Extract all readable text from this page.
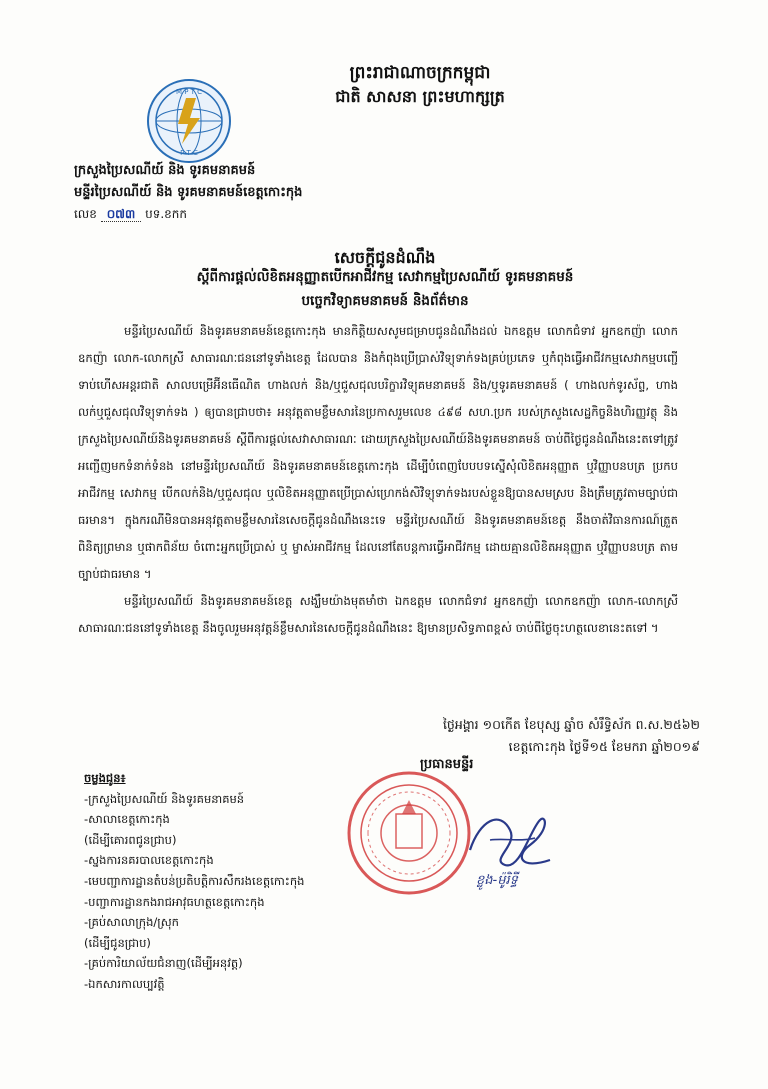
M P T C
P T C
ព្រះរាជាណាចក្រកម្ពុជា
ជាតិ សាសនា ព្រះមហាក្សត្រ
ក្រសួងប្រៃសណីយ៍ និង ទូរគមនាគមន៍
មន្ទីរប្រៃសណីយ៍ និង ទូរគមនាគមន៍ខេត្តកោះកុង
លេខ ០៧៣ បទ.ខកក
សេចក្តីជូនដំណឹង
ស្តីពីការផ្តល់លិខិតអនុញ្ញាតបើកអាជីវកម្ម សេវាកម្មប្រៃសណីយ៍ ទូរគមនាគមន៍
បច្ចេកវិទ្យាគមនាគមន៍ និងព័ត៌មាន

មន្ទីរប្រៃសណីយ៍ និងទូរគមនាគមន៍ខេត្តកោះកុង មានកិត្តិយសសូមជម្រាបជូនដំណឹងដល់ ឯកឧត្តម លោកជំទាវ អ្នកឧកញ៉ា លោកឧកញ៉ា លោក-លោកស្រី សាធារណៈជននៅទូទាំងខេត្ត ដែលបាន និងកំពុងប្រើប្រាស់វិទ្យុទាក់ទងគ្រប់ប្រភេទ ឬកំពុងធ្វើអាជីវកម្មសេវាកម្មបញ្ជើទាប់ហើសអន្តរជាតិ សាលបម្រើអ៊ីនធើណិត ហាងលក់ និង/ឬជួសជុលបរិក្ខារវិទ្យុគមនាគមន៍ និង/ឬទូរគមនាគមន៍ ( ហាងលក់ទូរស័ព្ទ, ហាងលក់ឬជួសជុលវិទ្យុទាក់ទង ) ឲ្យបានជ្រាបថា៖ អនុវត្តតាមខ្លឹមសារនៃប្រកាសរួមលេខ ៤៩៨ សហ.ប្រក របស់ក្រសួងសេដ្ឋកិច្ចនិងហិរញ្ញវត្ថុ និងក្រសួងប្រៃសណីយ៍និងទូរគមនាគមន៍ ស្តីពីការផ្តល់សេវាសាធារណៈ ដោយក្រសួងប្រៃសណីយ៍និងទូរគមនាគមន៍ ចាប់ពីថ្ងៃជូនដំណឹងនេះតទៅត្រូវអញ្ជើញមកទំនាក់ទំនង នៅមន្ទីរប្រៃសណីយ៍ និងទូរគមនាគមន៍ខេត្តកោះកុង ដើម្បីបំពេញបែបបទស្នើសុំលិខិតអនុញ្ញាត ឬវិញ្ញាបនបត្រ ប្រកបអាជីវកម្ម សេវាកម្ម បើកលក់និង/ឬជួសជុល ឬលិខិតអនុញ្ញាតប្រើប្រាស់ហ្រេកង់សិវិទ្យុទាក់ទងរបស់ខ្លួនឱ្យបានសមស្រប និងត្រឹមត្រូវតាមច្បាប់ជាធរមាន។ ក្នុងករណីមិនបានអនុវត្តតាមខ្លឹមសារនៃសេចក្តីជូនដំណឹងនេះទេ មន្ទីរប្រៃសណីយ៍ និងទូរគមនាគមន៍ខេត្ត នឹងចាត់វិធានការណ៍ត្រួតពិនិត្យព្រមាន ឬផាកពិន័យ ចំពោះអ្នកប្រើប្រាស់ ឬ ម្ចាស់អាជីវកម្ម ដែលនៅតែបន្តការធ្វើអាជីវកម្ម ដោយគ្មានលិខិតអនុញ្ញាត ឬវិញ្ញាបនបត្រ តាមច្បាប់ជាធរមាន ។

មន្ទីរប្រៃសណីយ៍ និងទូរគមនាគមន៍ខេត្ត សង្ឃឹមយ៉ាងមុតមាំថា ឯកឧត្តម លោកជំទាវ អ្នកឧកញ៉ា លោកឧកញ៉ា លោក-លោកស្រី សាធារណៈជននៅទូទាំងខេត្ត នឹងចូលរួមអនុវត្តន៍ខ្លឹមសារនៃសេចក្តីជូនដំណឹងនេះ ឱ្យមានប្រសិទ្ធភាពខ្ពស់ ចាប់ពីថ្ងៃចុះហត្ថលេខានេះតទៅ ។

ថ្ងៃអង្គារ ១០កើត ខែបុស្ស ឆ្នាំច សំរឹទ្ធិស័ក ព.ស.២៥៦២
ខេត្តកោះកុង ថ្ងៃទី១៥ ខែមករា ឆ្នាំ២០១៩
ប្រធានមន្ទីរ
ខ្លូង-ម៉ូរិទ្ធី
ចម្លងជូន៖
-ក្រសួងប្រៃសណីយ៍ និងទូរគមនាគមន៍
-សាលាខេត្តកោះកុង
(ដើម្បីគោរពជូនជ្រាប)
-ស្នងការនគរបាលខេត្តកោះកុង
-មេបញ្ជាការដ្ឋានតំបន់ប្រតិបត្តិការសឹករងខេត្តកោះកុង
-បញ្ជាការដ្ឋានកងរាជអាវុធហត្ថខេត្តកោះកុង
-គ្រប់សាលាក្រុង/ស្រុក
(ដើម្បីជូនជ្រាប)
-គ្រប់ការិយាល័យជំនាញ(ដើម្បីអនុវត្ត)
-ឯកសារកាលប្បវត្តិ
